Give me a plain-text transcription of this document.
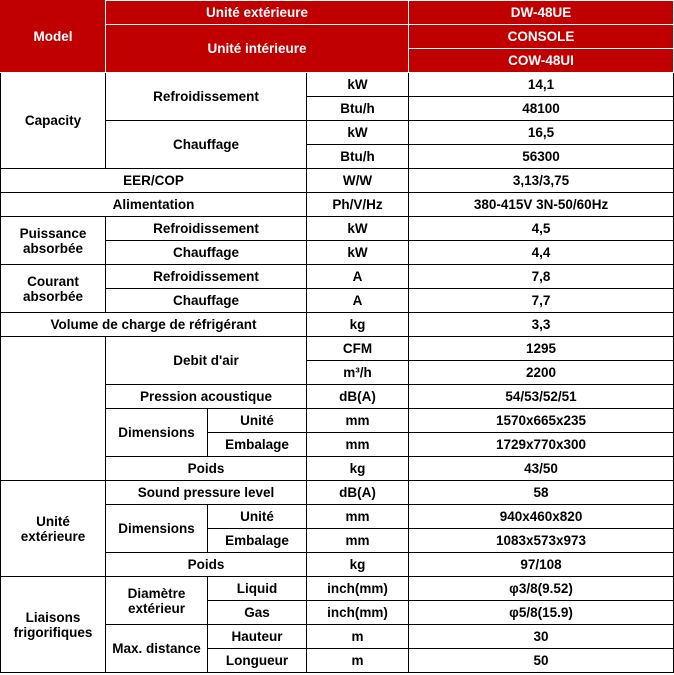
Model	Unité extérieure			DW-48UE
	Unité intérieure			CONSOLE
				COW-48UI
Capacity	Refroidissement		kW	14,1
			Btu/h	48100
	Chauffage		kW	16,5
			Btu/h	56300
EER/COP			W/W	3,13/3,75
Alimentation			Ph/V/Hz	380-415V 3N-50/60Hz
Puissance absorbée	Refroidissement		kW	4,5
	Chauffage		kW	4,4
Courant absorbée	Refroidissement		A	7,8
	Chauffage		A	7,7
Volume de charge de réfrigérant			kg	3,3
	Debit d'air		CFM	1295
			m³/h	2200
	Pression acoustique		dB(A)	54/53/52/51
	Dimensions	Unité	mm	1570x665x235
		Embalage	mm	1729x770x300
	Poids		kg	43/50
Unité extérieure	Sound pressure level		dB(A)	58
	Dimensions	Unité	mm	940x460x820
		Embalage	mm	1083x573x973
	Poids		kg	97/108
Liaisons frigorifiques	Diamètre extérieur	Liquid	inch(mm)	φ3/8(9.52)
		Gas	inch(mm)	φ5/8(15.9)
	Max. distance	Hauteur	m	30
		Longueur	m	50
